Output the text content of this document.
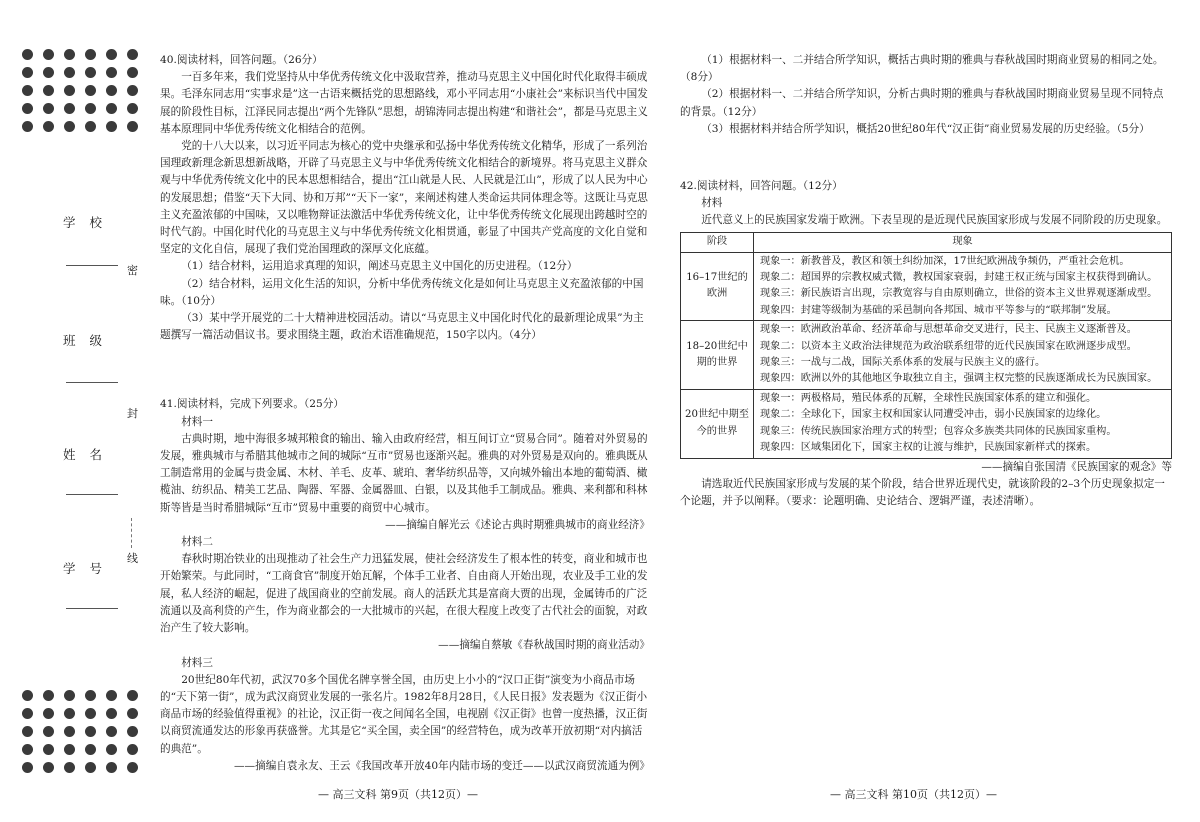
学校
班级
姓名
学号
密
封
线

40.阅读材料，回答问题。（26分）

一百多年来，我们党坚持从中华优秀传统文化中汲取营养，推动马克思主义中国化时代化取得丰硕成果。毛泽东同志用“实事求是”这一古语来概括党的思想路线，邓小平同志用“小康社会”来标识当代中国发展的阶段性目标，江泽民同志提出“两个先锋队”思想，胡锦涛同志提出构建“和谐社会”，都是马克思主义基本原理同中华优秀传统文化相结合的范例。

党的十八大以来，以习近平同志为核心的党中央继承和弘扬中华优秀传统文化精华，形成了一系列治国理政新理念新思想新战略，开辟了马克思主义与中华优秀传统文化相结合的新境界。将马克思主义群众观与中华优秀传统文化中的民本思想相结合，提出“江山就是人民、人民就是江山”，形成了以人民为中心的发展思想；借鉴“天下大同、协和万邦”“天下一家”，来阐述构建人类命运共同体理念等。这既让马克思主义充盈浓郁的中国味，又以唯物辩证法激活中华优秀传统文化，让中华优秀传统文化展现出跨越时空的时代气韵。中国化时代化的马克思主义与中华优秀传统文化相贯通，彰显了中国共产党高度的文化自觉和坚定的文化自信，展现了我们党治国理政的深厚文化底蕴。

（1）结合材料，运用追求真理的知识，阐述马克思主义中国化的历史进程。（12分）

（2）结合材料，运用文化生活的知识，分析中华优秀传统文化是如何让马克思主义充盈浓郁的中国味。（10分）

（3）某中学开展党的二十大精神进校园活动。请以“马克思主义中国化时代化的最新理论成果”为主题撰写一篇活动倡议书。要求围绕主题，政治术语准确规范，150字以内。（4分）

41.阅读材料，完成下列要求。（25分）

材料一

古典时期，地中海很多城邦粮食的输出、输入由政府经营，相互间订立“贸易合同”。随着对外贸易的发展，雅典城市与希腊其他城市之间的城际“互市”贸易也逐渐兴起。雅典的对外贸易是双向的。雅典既从工制造常用的金属与贵金属、木材、羊毛、皮革、琥珀、奢华纺织品等，又向城外输出本地的葡萄酒、橄榄油、纺织品、精美工艺品、陶器、军器、金属器皿、白银，以及其他手工制成品。雅典、来利都和科林斯等皆是当时希腊城际“互市”贸易中重要的商贸中心城市。

——摘编自解光云《述论古典时期雅典城市的商业经济》

材料二

春秋时期冶铁业的出现推动了社会生产力迅猛发展，使社会经济发生了根本性的转变，商业和城市也开始繁荣。与此同时，“工商食官”制度开始瓦解，个体手工业者、自由商人开始出现，农业及手工业的发展，私人经济的崛起，促进了战国商业的空前发展。商人的活跃尤其是富商大贾的出现，金属铸币的广泛流通以及高利贷的产生，作为商业都会的一大批城市的兴起，在很大程度上改变了古代社会的面貌，对政治产生了较大影响。

——摘编自蔡敏《春秋战国时期的商业活动》

材料三

20世纪80年代初，武汉70多个国优名牌享誉全国，由历史上小小的“汉口正街”演变为小商品市场的“天下第一街”，成为武汉商贸业发展的一张名片。1982年8月28日，《人民日报》发表题为《汉正街小商品市场的经验值得重视》的社论，汉正街一夜之间闻名全国，电视剧《汉正街》也曾一度热播，汉正街以商贸流通发达的形象再获盛誉。尤其是它“买全国，卖全国”的经营特色，成为改革开放初期“对内搞活的典范”。

——摘编自袁永友、王云《我国改革开放40年内陆市场的变迁——以武汉商贸流通为例》

— 高三文科 第9页（共12页）—

（1）根据材料一、二并结合所学知识，概括古典时期的雅典与春秋战国时期商业贸易的相同之处。（8分）

（2）根据材料一、二并结合所学知识，分析古典时期的雅典与春秋战国时期商业贸易呈现不同特点的背景。（12分）

（3）根据材料并结合所学知识，概括20世纪80年代“汉正街”商业贸易发展的历史经验。（5分）

42.阅读材料，回答问题。（12分）

材料

近代意义上的民族国家发端于欧洲。下表呈现的是近现代民族国家形成与发展不同阶段的历史现象。

阶段	现象
16–17世纪的欧洲	现象一：新教普及，教区和领土纠纷加深，17世纪欧洲战争频仍，严重社会危机。

现象二：超国界的宗教权威式微，教权国家衰弱，封建王权正统与国家主权获得到确认。

现象三：新民族语言出现，宗教宽容与自由原则确立，世俗的资本主义世界观逐渐成型。

现象四：封建等级制为基础的采邑制向各邦国、城市平等参与的“联邦制”发展。

18–20世纪中期的世界	现象一：欧洲政治革命、经济革命与思想革命交叉进行，民主、民族主义逐渐普及。

现象二：以资本主义政治法律规范为政治联系纽带的近代民族国家在欧洲逐步成型。

现象三：一战与二战，国际关系体系的发展与民族主义的盛行。

现象四：欧洲以外的其他地区争取独立自主，强调主权完整的民族逐渐成长为民族国家。

20世纪中期至今的世界	现象一：两极格局，殖民体系的瓦解，全球性民族国家体系的建立和强化。

现象二：全球化下，国家主权和国家认同遭受冲击，弱小民族国家的边缘化。

现象三：传统民族国家治理方式的转型；包容众多族类共同体的民族国家重构。

现象四：区域集团化下，国家主权的让渡与维护，民族国家新样式的探索。

——摘编自张国清《民族国家的观念》等

请选取近代民族国家形成与发展的某个阶段，结合世界近现代史，就该阶段的2–3个历史现象拟定一个论题，并予以阐释。（要求：论题明确、史论结合、逻辑严谨，表述清晰）。

— 高三文科 第10页（共12页）—
